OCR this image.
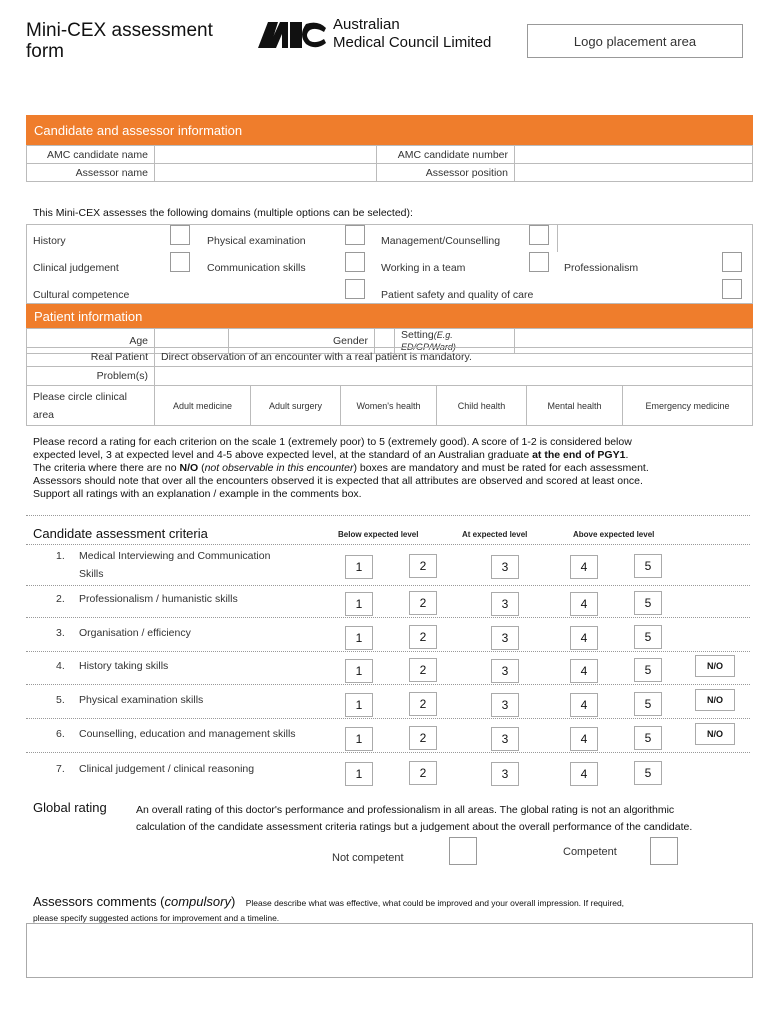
Mini-CEX assessment
form
Australian
Medical Council Limited	Logo placement area
Candidate and assessor information
AMC candidate name		AMC candidate number	
Assessor name		Assessor position	
This Mini-CEX assesses the following domains (multiple options can be selected):
History	Physical examination	Management/Counselling
Clinical judgement	Communication skills	Working in a team	Professionalism
Cultural competence	Patient safety and quality of care
Patient information
Age		Gender		Setting(E.g. ED/GP/Ward)	
Real Patient	Direct observation of an encounter with a real patient is mandatory.
Problem(s)	
Please circle clinical area	Adult medicine	Adult surgery	Women's health	Child health	Mental health	Emergency medicine
Please record a rating for each criterion on the scale 1 (extremely poor) to 5 (extremely good). A score of 1-2 is considered below
expected level, 3 at expected level and 4-5 above expected level, at the standard of an Australian graduate at the end of PGY1.
The criteria where there are no N/O (not observable in this encounter) boxes are mandatory and must be rated for each assessment.
Assessors should note that over all the encounters observed it is expected that all attributes are observed and scored at least once.
Support all ratings with an explanation / example in the comments box.
Candidate assessment criteria	Below expected level	At expected level	Above expected level
1. Medical Interviewing and Communication
Skills	1	2	3	4	5
2. Professionalism / humanistic skills	1	2	3	4	5
3. Organisation / efficiency	1	2	3	4	5
4. History taking skills	1	2	3	4	5	N/O
5. Physical examination skills	1	2	3	4	5	N/O
6. Counselling, education and management skills	1	2	3	4	5	N/O
7. Clinical judgement / clinical reasoning	1	2	3	4	5
Global rating	An overall rating of this doctor's performance and professionalism in all areas. The global rating is not an algorithmic
calculation of the candidate assessment criteria ratings but a judgement about the overall performance of the candidate.
Not competent	Competent
Assessors comments (compulsory) Please describe what was effective, what could be improved and your overall impression. If required,
please specify suggested actions for improvement and a timeline.
